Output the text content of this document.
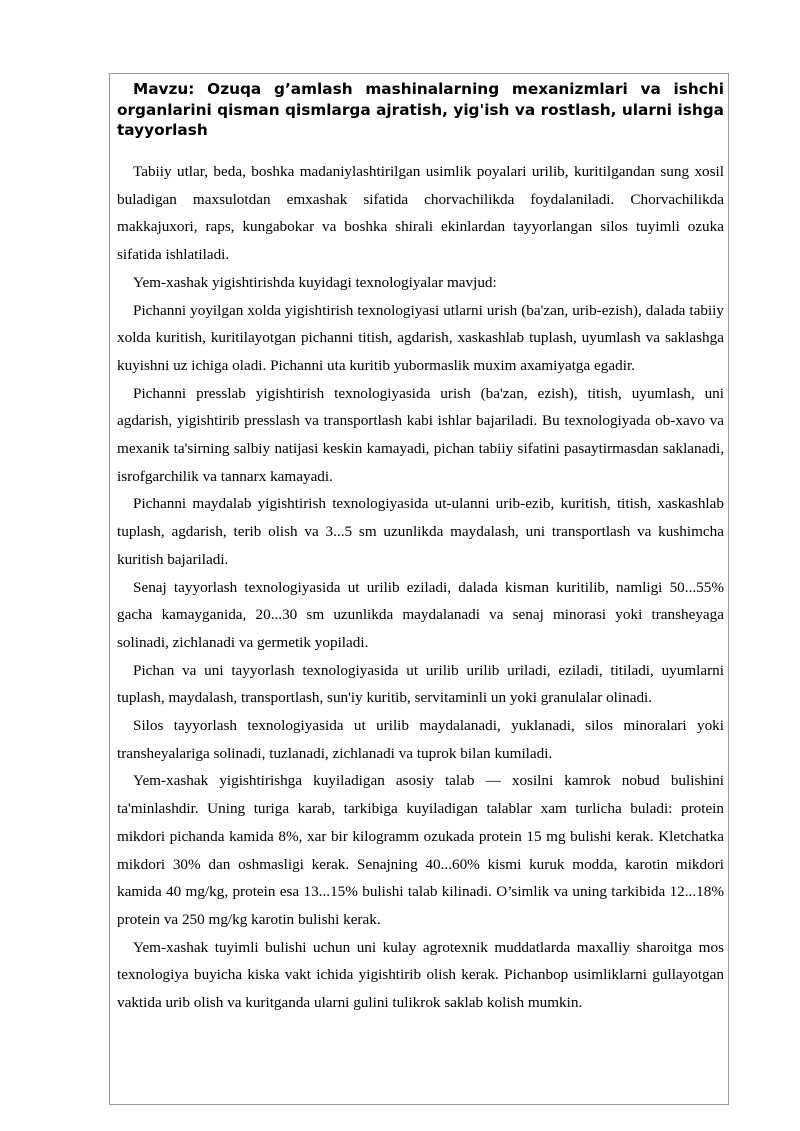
Mavzu: Ozuqa g’amlash mashinalarning mexanizmlari va ishchi organlarini qisman qismlarga ajratish, yig'ish va rostlash, ularni ishga tayyorlash

Tabiiy utlar, beda, boshka madaniylashtirilgan usimlik poyalari urilib, kuritilgandan sung xosil buladigan maxsulotdan emxashak sifatida chorvachilikda foydalaniladi. Chorvachilikda makkajuxori, raps, kungabokar va boshka shirali ekinlardan tayyorlangan silos tuyimli ozuka sifatida ishlatiladi.

Yem-xashak yigishtirishda kuyidagi texnologiyalar mavjud:

Pichanni yoyilgan xolda yigishtirish texnologiyasi utlarni urish (ba'zan, urib-ezish), dalada tabiiy xolda kuritish, kuritilayotgan pichanni titish, agdarish, xaskashlab tuplash, uyumlash va saklashga kuyishni uz ichiga oladi. Pichanni uta kuritib yubormaslik muxim axamiyatga egadir.

Pichanni presslab yigishtirish texnologiyasida urish (ba'zan, ezish), titish, uyumlash, uni agdarish, yigishtirib presslash va transportlash kabi ishlar bajariladi. Bu texnologiyada ob-xavo va mexanik ta'sirning salbiy natijasi keskin kamayadi, pichan tabiiy sifatini pasaytirmasdan saklanadi, isrofgarchilik va tannarx kamayadi.

Pichanni maydalab yigishtirish texnologiyasida ut-ulanni urib-ezib, kuritish, titish, xaskashlab tuplash, agdarish, terib olish va 3...5 sm uzunlikda maydalash, uni transportlash va kushimcha kuritish bajariladi.

Senaj tayyorlash texnologiyasida ut urilib eziladi, dalada kisman kuritilib, namligi 50...55% gacha kamayganida, 20...30 sm uzunlikda maydalanadi va senaj minorasi yoki transheyaga solinadi, zichlanadi va germetik yopiladi.

Pichan va uni tayyorlash texnologiyasida ut urilib urilib uriladi, eziladi, titiladi, uyumlarni tuplash, maydalash, transportlash, sun'iy kuritib, servitaminli un yoki granulalar olinadi.

Silos tayyorlash texnologiyasida ut urilib maydalanadi, yuklanadi, silos minoralari yoki transheyalariga solinadi, tuzlanadi, zichlanadi va tuprok bilan kumiladi.

Yem-xashak yigishtirishga kuyiladigan asosiy talab — xosilni kamrok nobud bulishini ta'minlashdir. Uning turiga karab, tarkibiga kuyiladigan talablar xam turlicha buladi: protein mikdori pichanda kamida 8%, xar bir kilogramm ozukada protein 15 mg bulishi kerak. Kletchatka mikdori 30% dan oshmasligi kerak. Senajning 40...60% kismi kuruk modda, karotin mikdori kamida 40 mg/kg, protein esa 13...15% bulishi talab kilinadi. O’simlik va uning tarkibida 12...18% protein va 250 mg/kg karotin bulishi kerak.

Yem-xashak tuyimli bulishi uchun uni kulay agrotexnik muddatlarda maxalliy sharoitga mos texnologiya buyicha kiska vakt ichida yigishtirib olish kerak. Pichanbop usimliklarni gullayotgan vaktida urib olish va kuritganda ularni gulini tulikrok saklab kolish mumkin.
